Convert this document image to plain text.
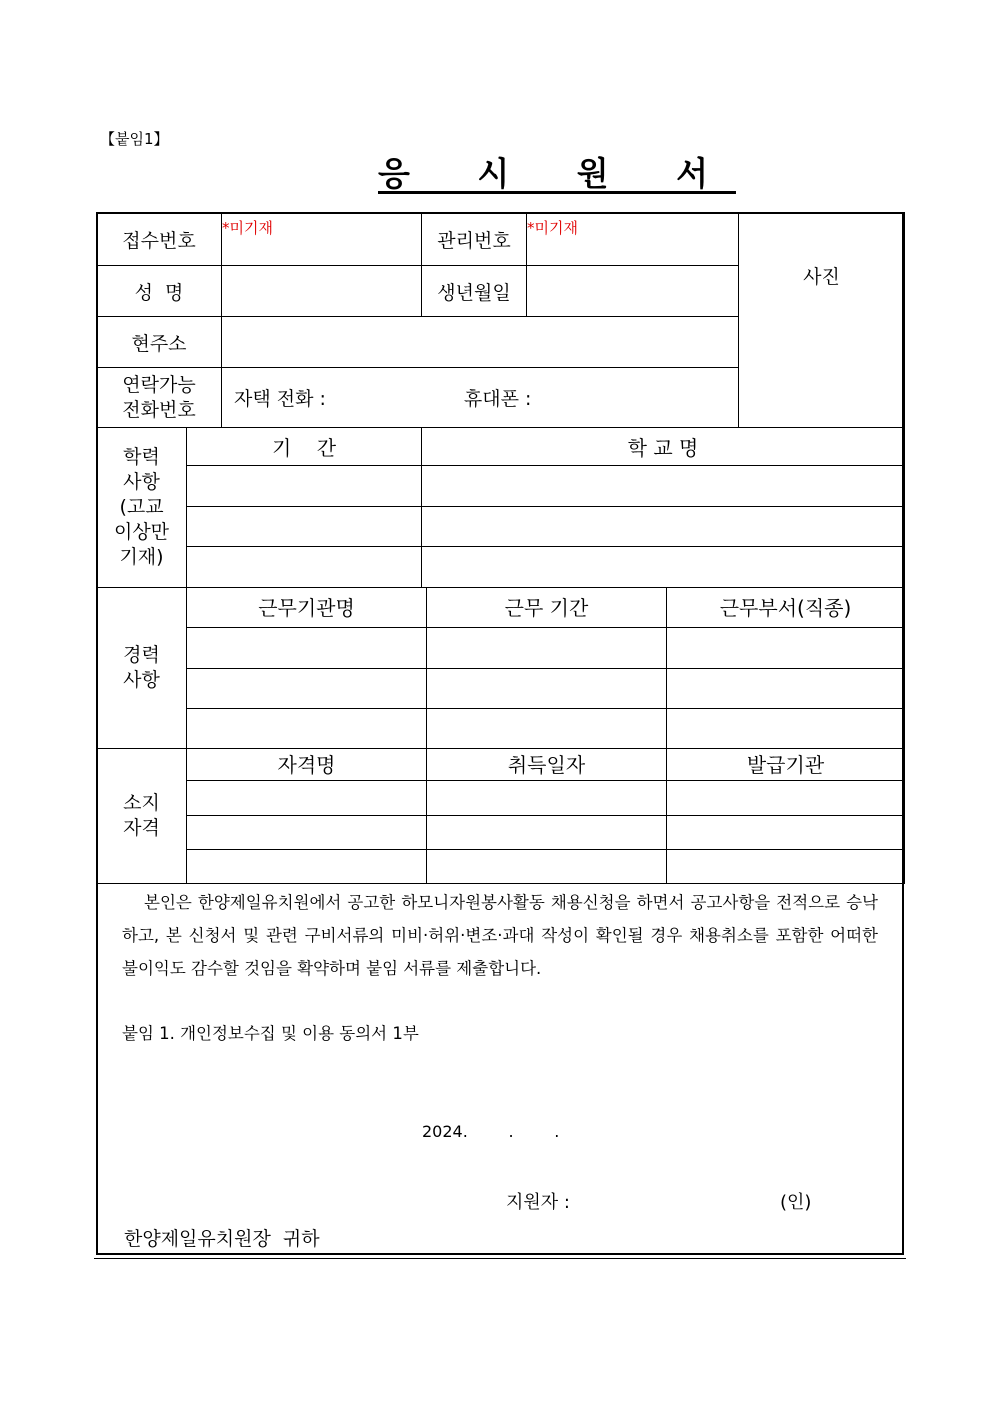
【붙임1】
응 시 원 서
접수번호	*미기재	관리번호	*미기재	사진
성  명		생년월일		
현주소				

연락가능
전화번호	자택 전화 : 휴대폰 :			
학력
사항
(고교
이상만
기재)	기    간	학 교 명

경력
사항	근무기관명	근무 기간	근무부서(직종)

소지
자격	자격명	취득일자	발급기관

본인은 한양제일유치원에서 공고한 하모니자원봉사활동 채용신청을 하면서 공고사항을 전적으로 승낙하고, 본 신청서 및 관련 구비서류의 미비·허위·변조·과대 작성이 확인될 경우 채용취소를 포함한 어떠한 불이익도 감수할 것임을 확약하며 붙임 서류를 제출합니다.
붙임 1. 개인정보수집 및 이용 동의서 1부
2024.        .        .
지원자 :	(인)
한양제일유치원장  귀하
